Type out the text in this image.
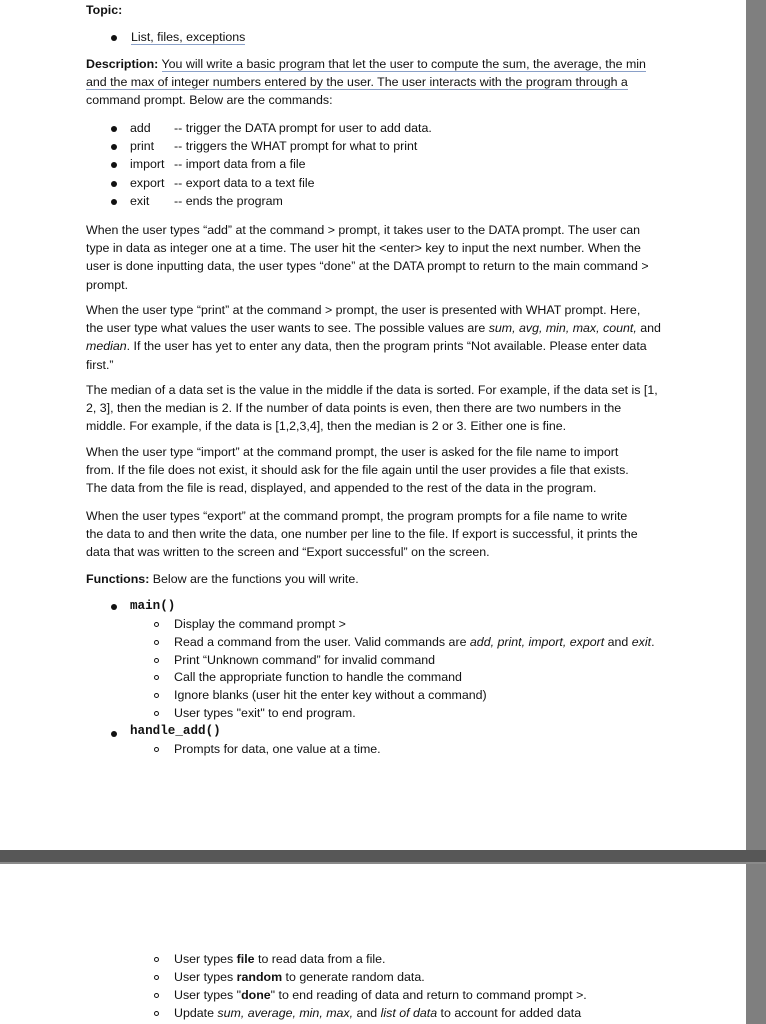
Topic:
List, files, exceptions

Description: You will write a basic program that let the user to compute the sum, the average, the min

and the max of integer numbers entered by the user. The user interacts with the program through a

command prompt. Below are the commands:

add -- trigger the DATA prompt for user to add data.
print -- triggers the WHAT prompt for what to print
import -- import data from a file
export -- export data to a text file
exit -- ends the program

When the user types “add” at the command > prompt, it takes user to the DATA prompt. The user can

type in data as integer one at a time. The user hit the <enter> key to input the next number. When the

user is done inputting data, the user types “done” at the DATA prompt to return to the main command >

prompt.

When the user type “print” at the command > prompt, the user is presented with WHAT prompt. Here,

the user type what values the user wants to see. The possible values are sum, avg, min, max, count, and

median. If the user has yet to enter any data, then the program prints “Not available. Please enter data

first.”

The median of a data set is the value in the middle if the data is sorted. For example, if the data set is [1,

2, 3], then the median is 2. If the number of data points is even, then there are two numbers in the

middle. For example, if the data is [1,2,3,4], then the median is 2 or 3. Either one is fine.

When the user type “import” at the command prompt, the user is asked for the file name to import

from. If the file does not exist, it should ask for the file again until the user provides a file that exists.

The data from the file is read, displayed, and appended to the rest of the data in the program.

When the user types “export” at the command prompt, the program prompts for a file name to write

the data to and then write the data, one number per line to the file. If export is successful, it prints the

data that was written to the screen and “Export successful” on the screen.

Functions: Below are the functions you will write.
main()
Display the command prompt >
Read a command from the user. Valid commands are add, print, import, export and exit.
Print “Unknown command” for invalid command
Call the appropriate function to handle the command
Ignore blanks (user hit the enter key without a command)
User types "exit" to end program.
handle_add()
Prompts for data, one value at a time.
User types file to read data from a file.
User types random to generate random data.
User types "done" to end reading of data and return to command prompt >.
Update sum, average, min, max, and list of data to account for added data
